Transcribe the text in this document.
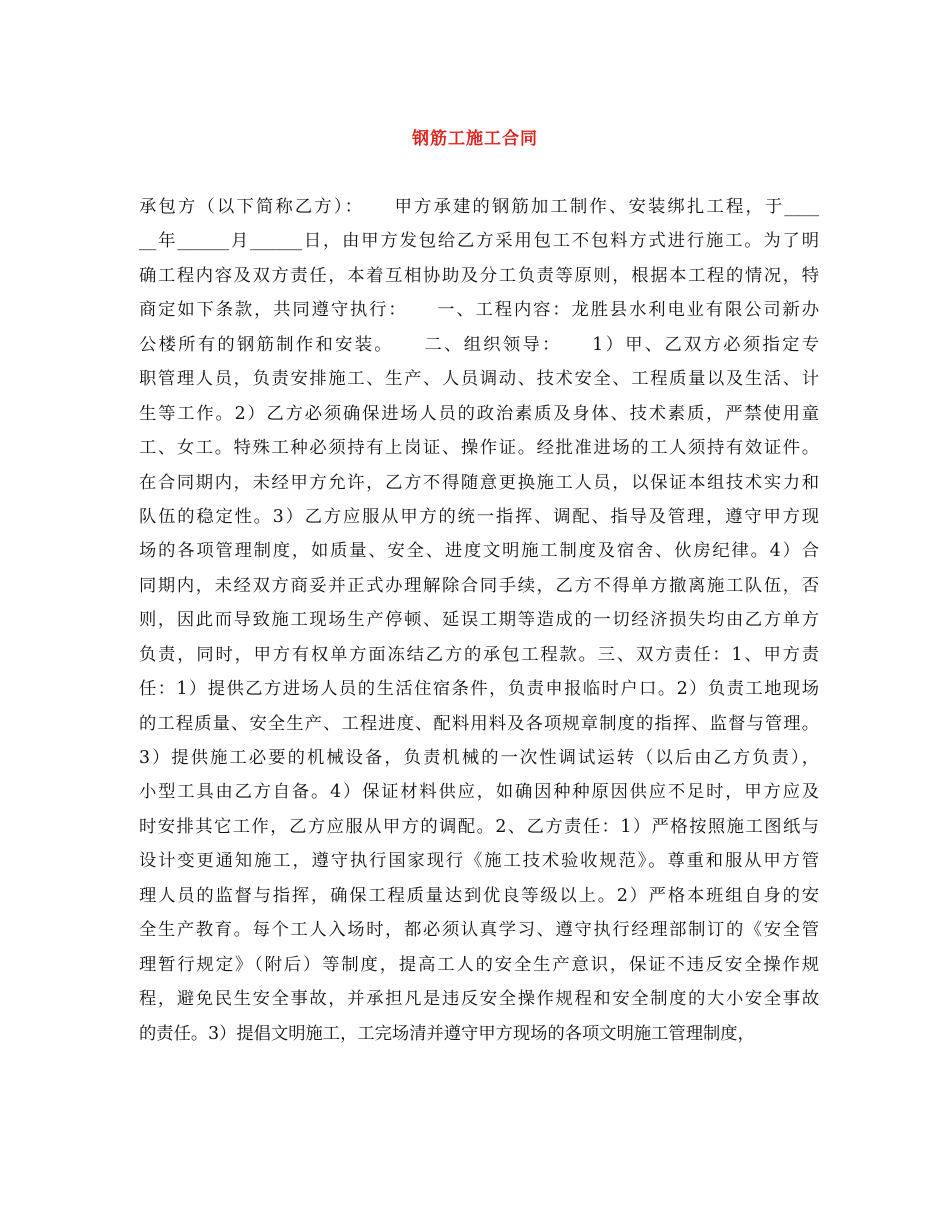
钢筋工施工合同
承包方（以下简称乙方）：　　甲方承建的钢筋加工制作、安装绑扎工程，于____
__年______月______日，由甲方发包给乙方采用包工不包料方式进行施工。为了明
确工程内容及双方责任，本着互相协助及分工负责等原则，根据本工程的情况，特
商定如下条款，共同遵守执行：　　一、工程内容：龙胜县水利电业有限公司新办
公楼所有的钢筋制作和安装。　　二、组织领导：　　1）甲、乙双方必须指定专
职管理人员，负责安排施工、生产、人员调动、技术安全、工程质量以及生活、计
生等工作。2）乙方必须确保进场人员的政治素质及身体、技术素质，严禁使用童
工、女工。特殊工种必须持有上岗证、操作证。经批准进场的工人须持有效证件。
在合同期内，未经甲方允许，乙方不得随意更换施工人员，以保证本组技术实力和
队伍的稳定性。3）乙方应服从甲方的统一指挥、调配、指导及管理，遵守甲方现
场的各项管理制度，如质量、安全、进度文明施工制度及宿舍、伙房纪律。4）合
同期内，未经双方商妥并正式办理解除合同手续，乙方不得单方撤离施工队伍，否
则，因此而导致施工现场生产停顿、延误工期等造成的一切经济损失均由乙方单方
负责，同时，甲方有权单方面冻结乙方的承包工程款。三、双方责任：1、甲方责
任：1）提供乙方进场人员的生活住宿条件，负责申报临时户口。2）负责工地现场
的工程质量、安全生产、工程进度、配料用料及各项规章制度的指挥、监督与管理。
3）提供施工必要的机械设备，负责机械的一次性调试运转（以后由乙方负责），
小型工具由乙方自备。4）保证材料供应，如确因种种原因供应不足时，甲方应及
时安排其它工作，乙方应服从甲方的调配。2、乙方责任：1）严格按照施工图纸与
设计变更通知施工，遵守执行国家现行《施工技术验收规范》。尊重和服从甲方管
理人员的监督与指挥，确保工程质量达到优良等级以上。2）严格本班组自身的安
全生产教育。每个工人入场时，都必须认真学习、遵守执行经理部制订的《安全管
理暂行规定》（附后）等制度，提高工人的安全生产意识，保证不违反安全操作规
程，避免民生安全事故，并承担凡是违反安全操作规程和安全制度的大小安全事故
的责任。3）提倡文明施工，工完场清并遵守甲方现场的各项文明施工管理制度，
